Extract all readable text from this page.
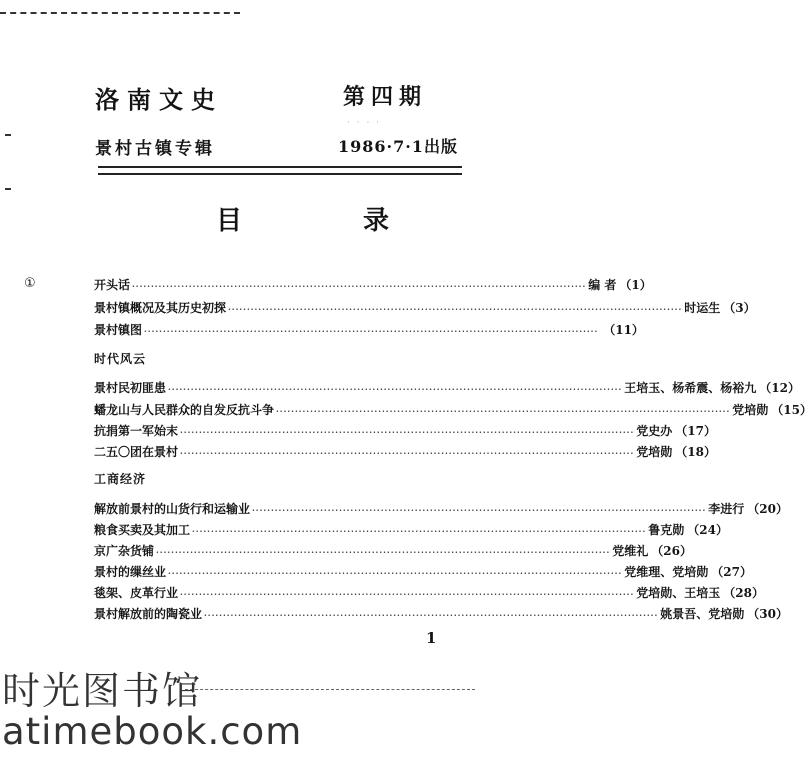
洛南文史	第四期
· · · ·
景村古镇专辑	1986·7·1出版
目 录
①	开头话 ························································································································ 编 者 （1）
景村镇概况及其历史初探 ························································································································ 时运生 （3）
景村镇图 ························································································································ （11）
时代风云
景村民初匪患 ························································································································ 王培玉、杨希震、杨裕九 （12）
蟠龙山与人民群众的自发反抗斗争 ························································································································ 党培勋 （15）
抗捐第一军始末 ························································································································ 党史办 （17）
二五〇团在景村 ························································································································ 党培勋 （18）
工商经济
解放前景村的山货行和运输业 ························································································································ 李进行 （20）
粮食买卖及其加工 ························································································································ 鲁克勋 （24）
京广杂货铺 ························································································································ 党维礼 （26）
景村的缫丝业 ························································································································ 党维理、党培勋 （27）
毯架、皮革行业 ························································································································ 党培勋、王培玉 （28）
景村解放前的陶瓷业 ························································································································ 姚景吾、党培勋 （30）
1
时光图书馆
atimebook.com
